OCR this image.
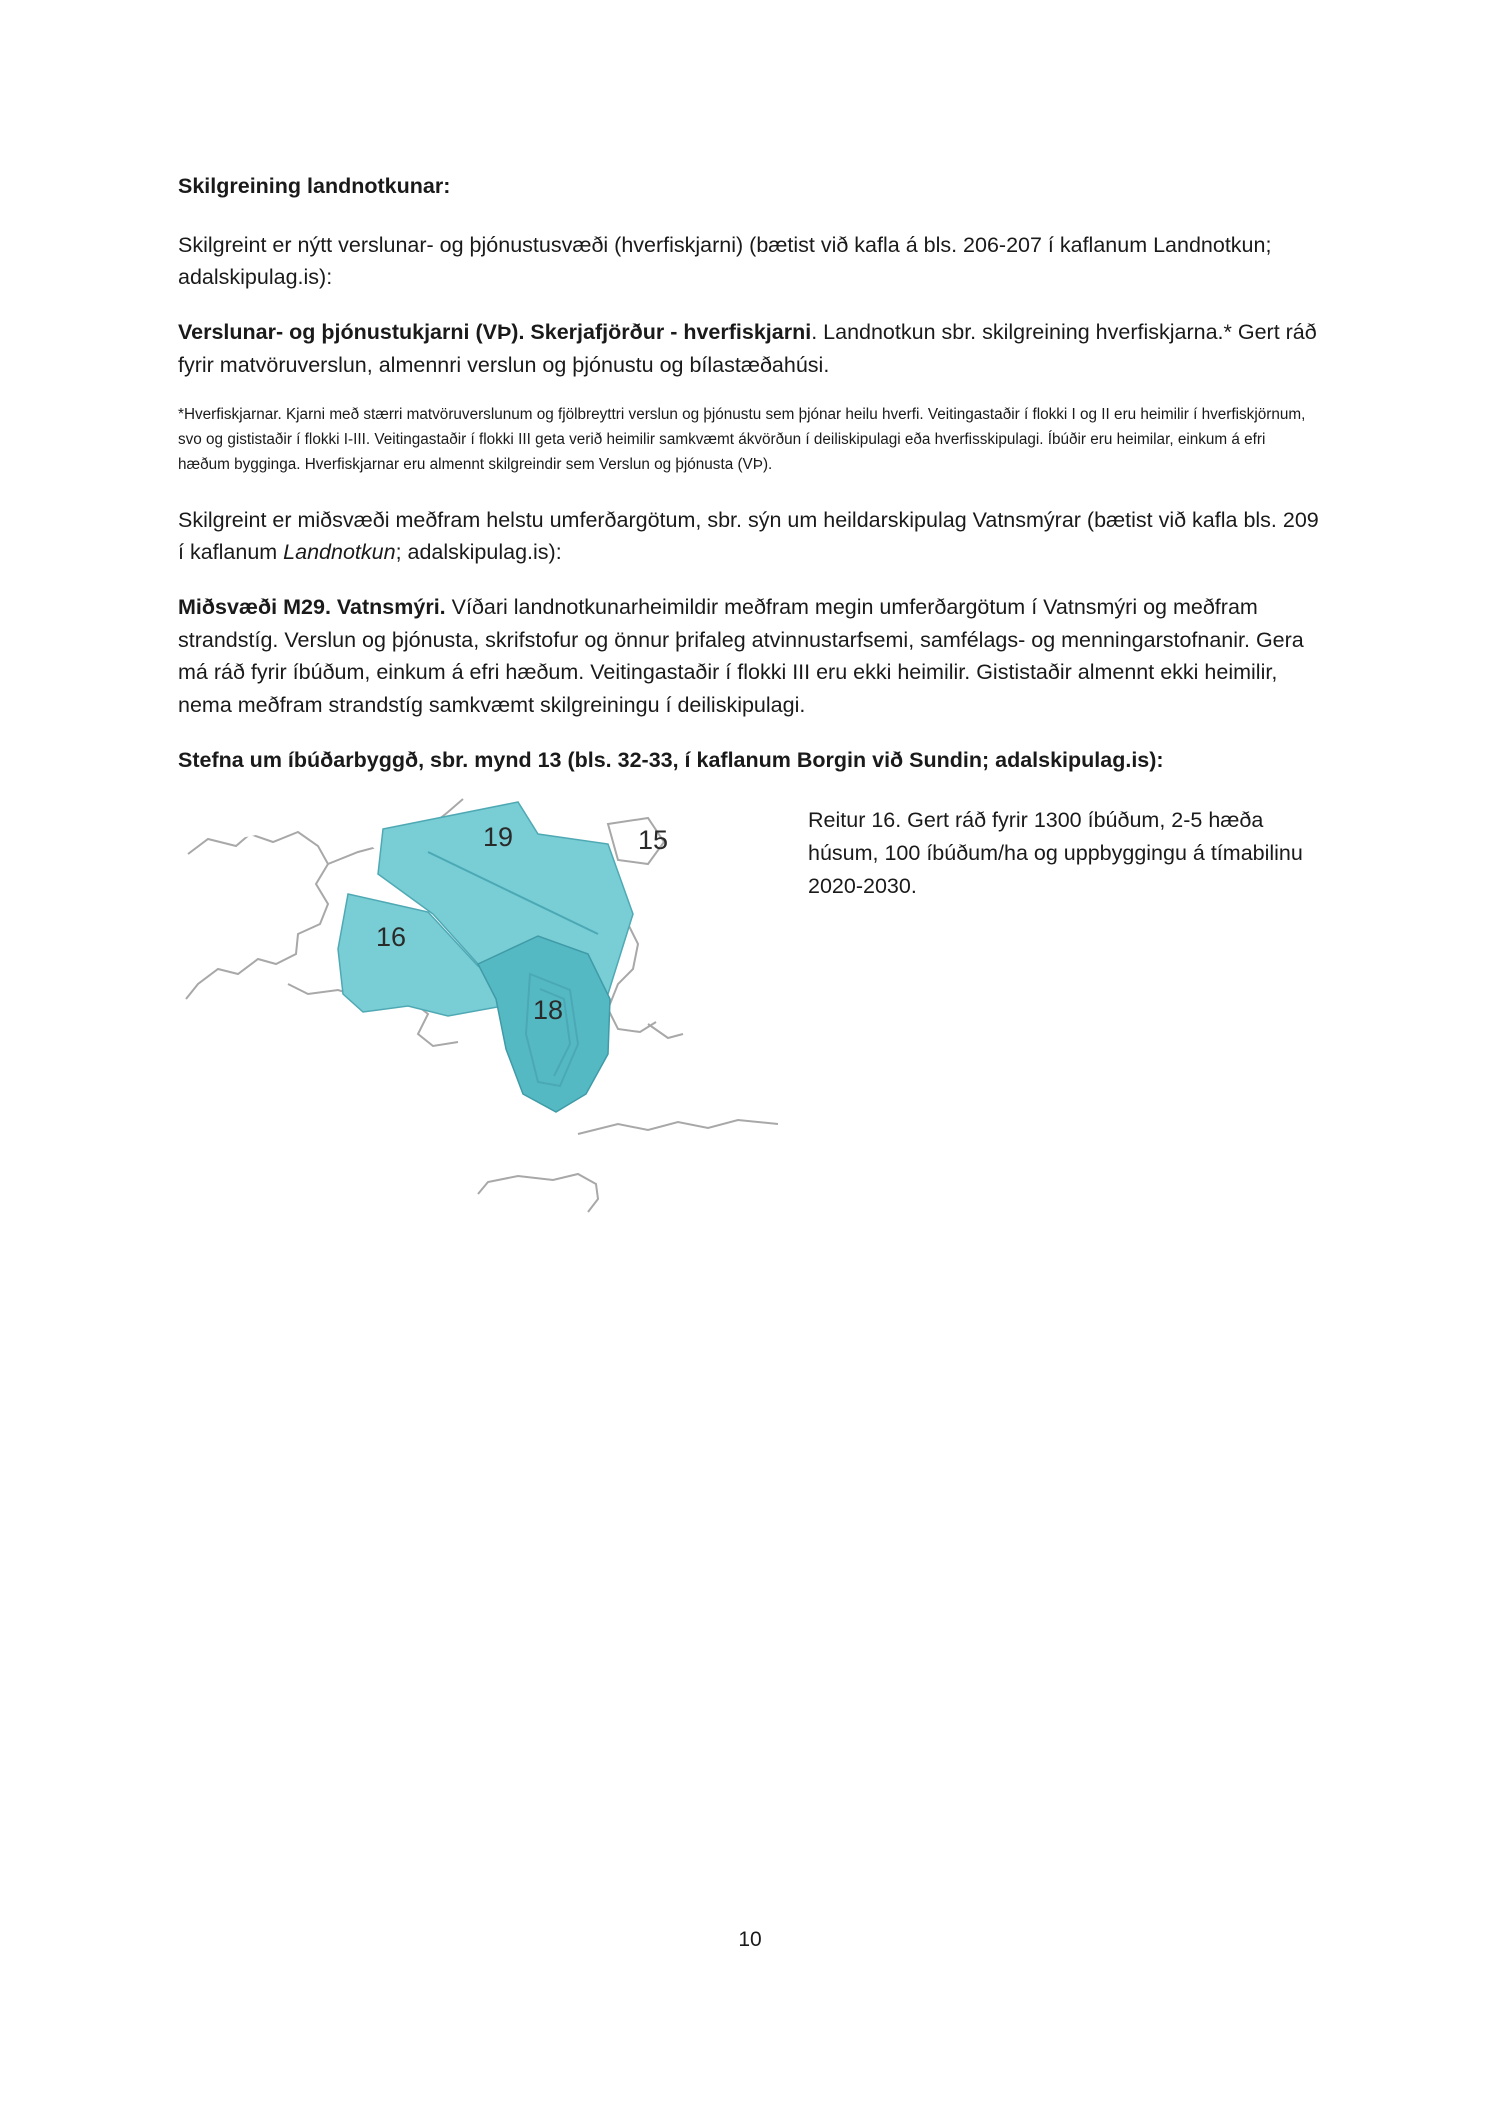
Skilgreining landnotkunar:

Skilgreint er nýtt verslunar- og þjónustusvæði (hverfiskjarni) (bætist við kafla á bls. 206-207 í kaflanum Landnotkun; adalskipulag.is):

Verslunar- og þjónustukjarni (VÞ). Skerjafjörður - hverfiskjarni. Landnotkun sbr. skilgreining hverfiskjarna.* Gert ráð fyrir matvöruverslun, almennri verslun og þjónustu og bílastæðahúsi.

*Hverfiskjarnar. Kjarni með stærri matvöruverslunum og fjölbreyttri verslun og þjónustu sem þjónar heilu hverfi. Veitingastaðir í flokki I og II eru heimilir í hverfiskjörnum, svo og gististaðir í flokki I-III. Veitingastaðir í flokki III geta verið heimilir samkvæmt ákvörðun í deiliskipulagi eða hverfisskipulagi. Íbúðir eru heimilar, einkum á efri hæðum bygginga. Hverfiskjarnar eru almennt skilgreindir sem Verslun og þjónusta (VÞ).

Skilgreint er miðsvæði meðfram helstu umferðargötum, sbr. sýn um heildarskipulag Vatnsmýrar (bætist við kafla bls. 209 í kaflanum Landnotkun; adalskipulag.is):

Miðsvæði M29. Vatnsmýri. Víðari landnotkunarheimildir meðfram megin umferðargötum í Vatnsmýri og meðfram strandstíg. Verslun og þjónusta, skrifstofur og önnur þrifaleg atvinnustarfsemi, samfélags- og menningarstofnanir. Gera má ráð fyrir íbúðum, einkum á efri hæðum. Veitingastaðir í flokki III eru ekki heimilir. Gististaðir almennt ekki heimilir, nema meðfram strandstíg samkvæmt skilgreiningu í deiliskipulagi.

Stefna um íbúðarbyggð, sbr. mynd 13 (bls. 32-33, í kaflanum Borgin við Sundin; adalskipulag.is):

19	15
16
18
Reitur 16. Gert ráð fyrir 1300 íbúðum, 2-5 hæða húsum, 100 íbúðum/ha og uppbyggingu á tímabilinu 2020-2030.
10
